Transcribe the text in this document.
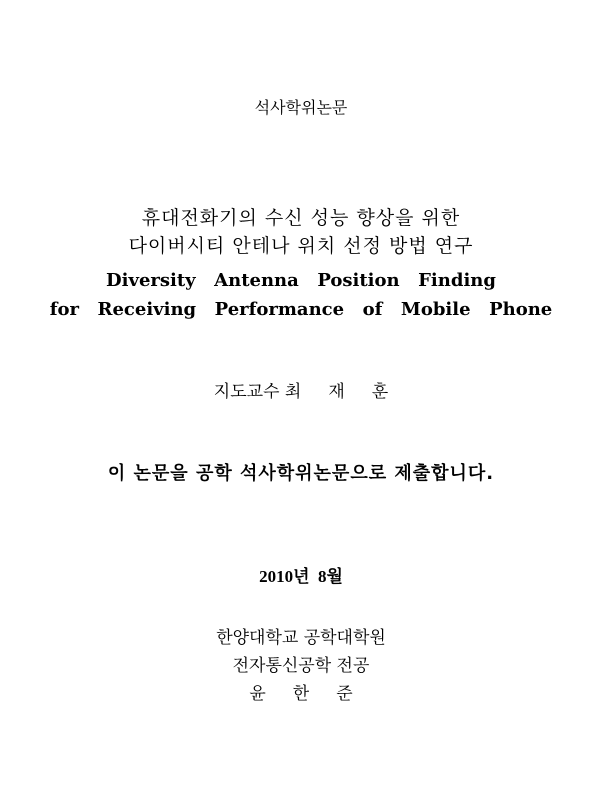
석사학위논문
휴대전화기의 수신 성능 향상을 위한
다이버시티 안테나 위치 선정 방법 연구
Diversity  Antenna  Position  Finding
for  Receiving  Performance  of  Mobile  Phone
지도교수 최     재     훈
이 논문을 공학 석사학위논문으로 제출합니다.
2010년  8월
한양대학교 공학대학원
전자통신공학 전공
윤     한     준
